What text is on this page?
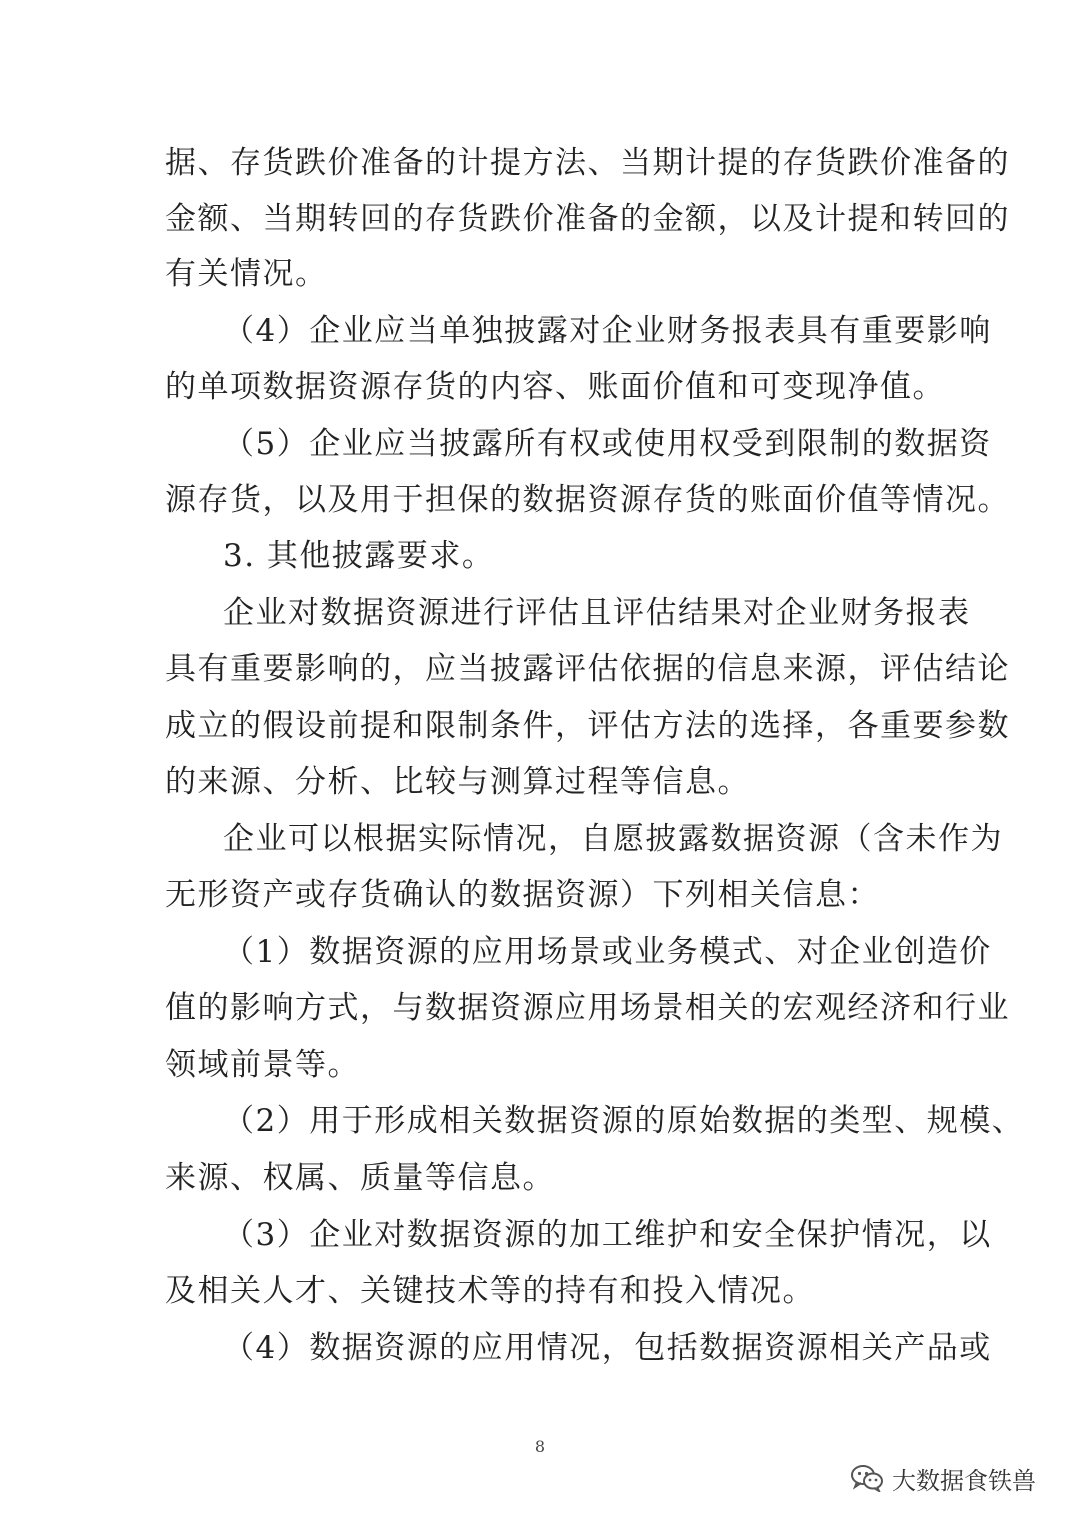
据、存货跌价准备的计提方法、当期计提的存货跌价准备的
金额、当期转回的存货跌价准备的金额，以及计提和转回的
有关情况。
（4）企业应当单独披露对企业财务报表具有重要影响
的单项数据资源存货的内容、账面价值和可变现净值。
（5）企业应当披露所有权或使用权受到限制的数据资
源存货，以及用于担保的数据资源存货的账面价值等情况。
3. 其他披露要求。
企业对数据资源进行评估且评估结果对企业财务报表
具有重要影响的，应当披露评估依据的信息来源，评估结论
成立的假设前提和限制条件，评估方法的选择，各重要参数
的来源、分析、比较与测算过程等信息。
企业可以根据实际情况，自愿披露数据资源（含未作为
无形资产或存货确认的数据资源）下列相关信息：
（1）数据资源的应用场景或业务模式、对企业创造价
值的影响方式，与数据资源应用场景相关的宏观经济和行业
领域前景等。
（2）用于形成相关数据资源的原始数据的类型、规模、
来源、权属、质量等信息。
（3）企业对数据资源的加工维护和安全保护情况，以
及相关人才、关键技术等的持有和投入情况。
（4）数据资源的应用情况，包括数据资源相关产品或
8
大数据食铁兽
